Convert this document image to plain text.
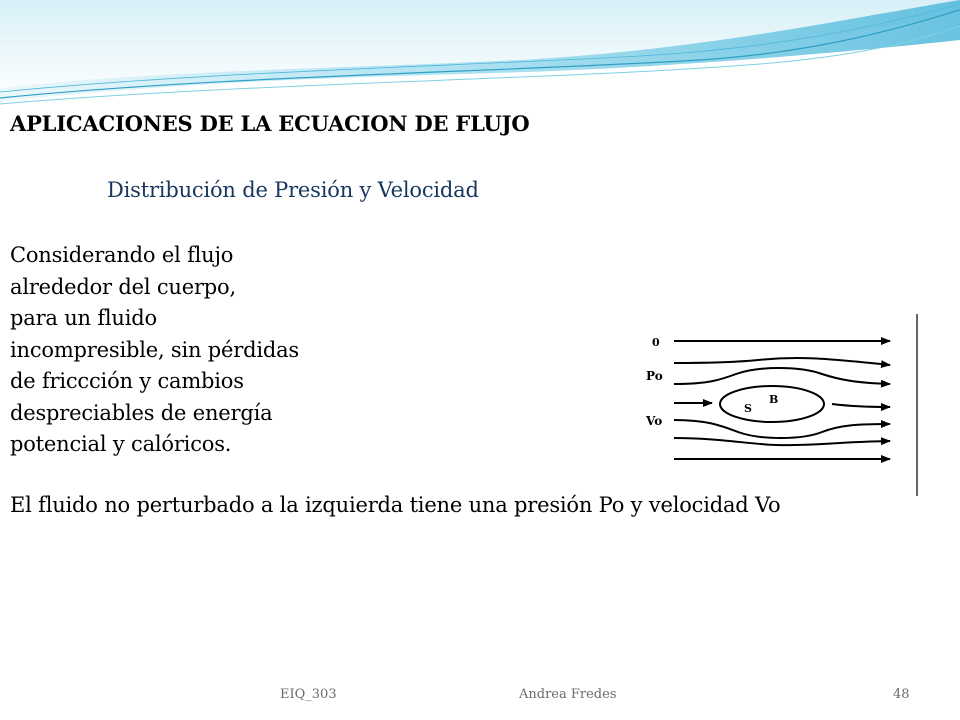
APLICACIONES DE LA ECUACION DE FLUJO
Distribución de Presión y Velocidad

Considerando el flujo
alrededor del cuerpo,
para un fluido
incompresible, sin pérdidas
de friccción y cambios
despreciables de energía
potencial y calóricos.

0
Po
Vo
S
B

El fluido no perturbado a la izquierda tiene una presión Po y velocidad Vo

EIQ_303	Andrea Fredes	48
